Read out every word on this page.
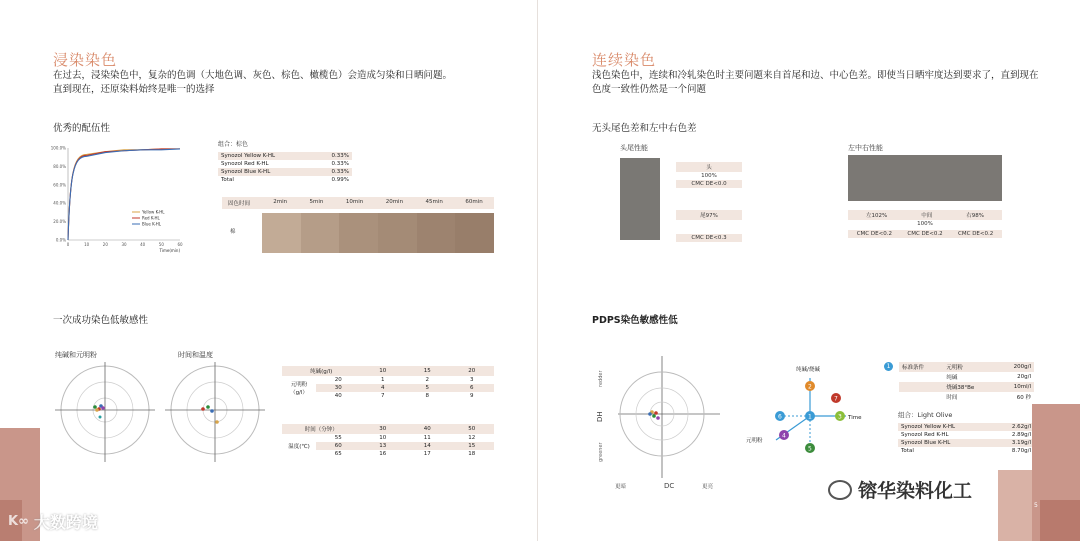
浸染染色
在过去，浸染染色中，复杂的色调（大地色调、灰色、棕色、橄榄色）会造成匀染和日晒问题。
直到现在，还原染料始终是唯一的选择
优秀的配伍性
0.0%
20.0%
40.0%
60.0%
80.0%
100.0%
0	10	20	30	40	50	60
Time(min)
Yellow K-HL
Red K-HL
Blue K-HL
组合：棕色
Synozol Yellow K-HL	0.33%
Synozol Red K-HL	0.33%
Synozol Blue K-HL	0.33%
Total	0.99%
固色时间	2min	5min	10min	20min	45min	60min
棉
一次成功染色低敏感性
纯碱和元明粉	时间和温度
纯碱(g/l)		10	15	20
元明粉（g/l）	20	1	2	3
	30	4	5	6
	40	7	8	9
时间（分钟）		30	40	50
温度(℃)	55	10	11	12
	60	13	14	15
	65	16	17	18
K∞ 大数跨境
连续染色
浅色染色中，连续和冷轧染色时主要问题来自首尾和边、中心色差。即使当日晒牢度达到要求了，直到现在
色度一致性仍然是一个问题
无头尾色差和左中右色差
头尾性能
头
100%
CMC DE<0.0
尾97%
CMC DE<0.3
左中右性能
左102%	中间	右98%
100%
CMC DE<0.2	CMC DE<0.2	CMC DE<0.2
PDPS染色敏感性低
redder
DH
greener
更暗	DC	更亮
1
2
3
4
5
6
7
纯碱/烧碱
Time
元明粉
1	标准条件	元明粉	200g/l
	纯碱	20g/l
	烧碱38°Be	10ml/l
	时间	60 秒
组合：Light Olive
Synozol Yellow K-HL	2.62g/l
Synozol Red K-HL	2.89g/l
Synozol Blue K-HL	3.19g/l
Total	8.70g/l
5
镕华染料化工
